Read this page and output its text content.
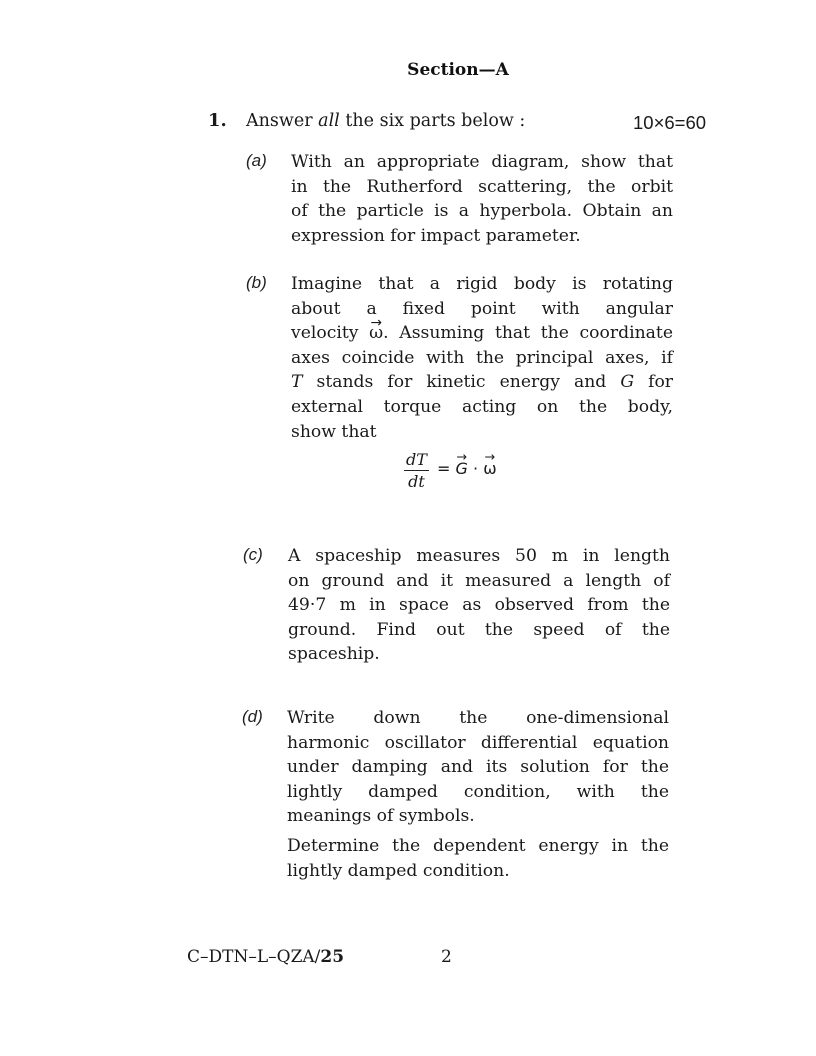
Section—A
1. Answer all the six parts below :	10×6=60
(a) With an appropriate diagram, show that
in the Rutherford scattering, the orbit
of the particle is a hyperbola. Obtain an
expression for impact parameter.
(b) Imagine that a rigid body is rotating
about a fixed point with angular
velocity → ω. Assuming that the coordinate
axes coincide with the principal axes, if
T stands for kinetic energy and G for
external torque acting on the body,
show that
$\frac{dT}{dt}$ = → G · → ω
(c) A spaceship measures 50 m in length
on ground and it measured a length of
49·7 m in space as observed from the
ground. Find out the speed of the
spaceship.
(d) Write down the one-dimensional
harmonic oscillator differential equation
under damping and its solution for the
lightly damped condition, with the
meanings of symbols.
Determine the dependent energy in the
lightly damped condition.
C–DTN–L–QZA/25	2
